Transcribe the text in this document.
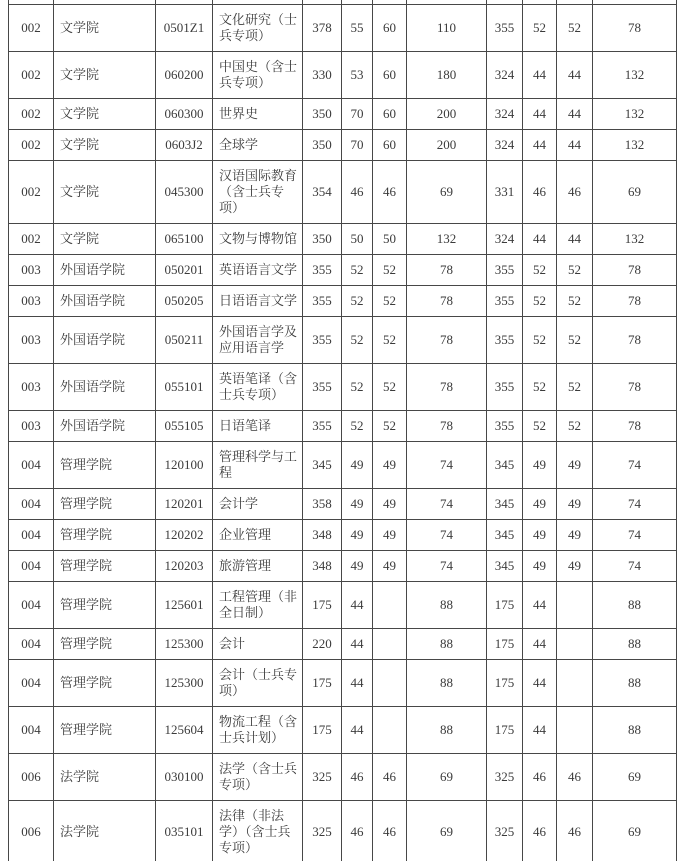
002	文学院	0501Z1	文化研究（士兵专项）	378	55	60	110	355	52	52	78
002	文学院	060200	中国史（含士兵专项）	330	53	60	180	324	44	44	132
002	文学院	060300	世界史	350	70	60	200	324	44	44	132
002	文学院	0603J2	全球学	350	70	60	200	324	44	44	132
002	文学院	045300	汉语国际教育（含士兵专项）	354	46	46	69	331	46	46	69
002	文学院	065100	文物与博物馆	350	50	50	132	324	44	44	132
003	外国语学院	050201	英语语言文学	355	52	52	78	355	52	52	78
003	外国语学院	050205	日语语言文学	355	52	52	78	355	52	52	78
003	外国语学院	050211	外国语言学及应用语言学	355	52	52	78	355	52	52	78
003	外国语学院	055101	英语笔译（含士兵专项）	355	52	52	78	355	52	52	78
003	外国语学院	055105	日语笔译	355	52	52	78	355	52	52	78
004	管理学院	120100	管理科学与工程	345	49	49	74	345	49	49	74
004	管理学院	120201	会计学	358	49	49	74	345	49	49	74
004	管理学院	120202	企业管理	348	49	49	74	345	49	49	74
004	管理学院	120203	旅游管理	348	49	49	74	345	49	49	74
004	管理学院	125601	工程管理（非全日制）	175	44		88	175	44		88
004	管理学院	125300	会计	220	44		88	175	44		88
004	管理学院	125300	会计（士兵专项）	175	44		88	175	44		88
004	管理学院	125604	物流工程（含士兵计划）	175	44		88	175	44		88
006	法学院	030100	法学（含士兵专项）	325	46	46	69	325	46	46	69
006	法学院	035101	法律（非法学）（含士兵专项）	325	46	46	69	325	46	46	69
